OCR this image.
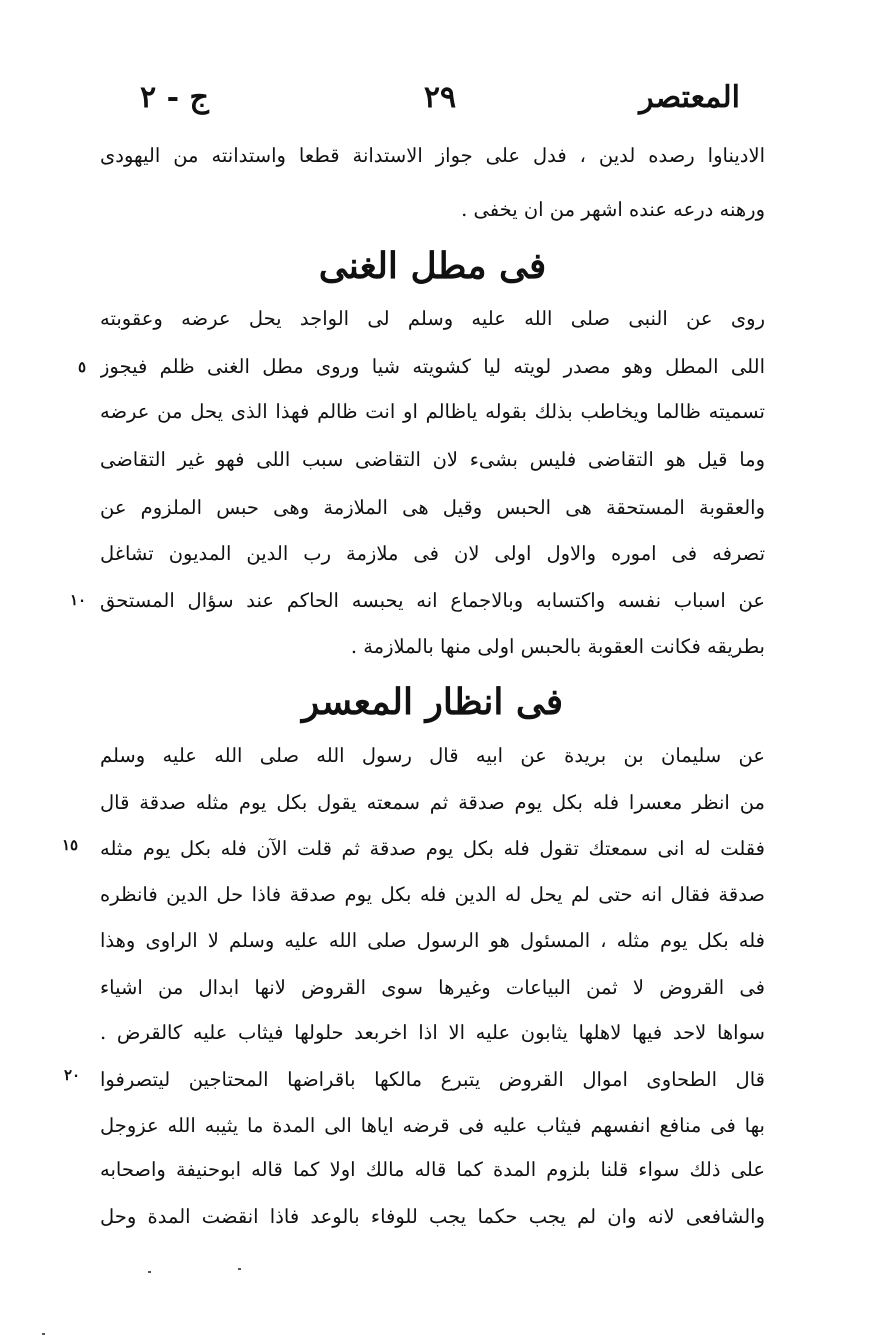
المعتصر
٢٩
ج - ٢
الاديناوا رصده لدين ، فدل على جواز الاستدانة قطعا واستدانته من اليهودى
ورهنه درعه عنده اشهر من ان يخفى .
فى مطل الغنى
روى عن النبى صلى الله عليه وسلم لى الواجد يحل عرضه وعقوبته
اللى المطل وهو مصدر لويته ليا كشويته شيا وروى مطل الغنى ظلم فيجوز
تسميته ظالما ويخاطب بذلك بقوله ياظالم او انت ظالم فهذا الذى يحل من عرضه
وما قيل هو التقاضى فليس بشىء لان التقاضى سبب اللى فهو غير التقاضى
والعقوبة المستحقة هى الحبس وقيل هى الملازمة وهى حبس الملزوم عن
تصرفه فى اموره والاول اولى لان فى ملازمة رب الدين المديون تشاغل
عن اسباب نفسه واكتسابه وبالاجماع انه يحبسه الحاكم عند سؤال المستحق
بطريقه فكانت العقوبة بالحبس اولى منها بالملازمة .
فى انظار المعسر
عن سليمان بن بريدة عن ابيه قال رسول الله صلى الله عليه وسلم
من انظر معسرا فله بكل يوم صدقة ثم سمعته يقول بكل يوم مثله صدقة قال
فقلت له انى سمعتك تقول فله بكل يوم صدقة ثم قلت الآن فله بكل يوم مثله
صدقة فقال انه حتى لم يحل له الدين فله بكل يوم صدقة فاذا حل الدين فانظره
فله بكل يوم مثله ، المسئول هو الرسول صلى الله عليه وسلم لا الراوى وهذا
فى القروض لا ثمن البياعات وغيرها سوى القروض لانها ابدال من اشياء
سواها لاحد فيها لاهلها يثابون عليه الا اذا اخربعد حلولها فيثاب عليه كالقرض .
قال الطحاوى اموال القروض يتبرع مالكها باقراضها المحتاجين ليتصرفوا
بها فى منافع انفسهم فيثاب عليه فى قرضه اياها الى المدة ما يثيبه الله عزوجل
على ذلك سواء قلنا بلزوم المدة كما قاله مالك اولا كما قاله ابوحنيفة واصحابه
والشافعى لانه وان لم يجب حكما يجب للوفاء بالوعد فاذا انقضت المدة وحل
٥
١٠
١٥
٢٠
